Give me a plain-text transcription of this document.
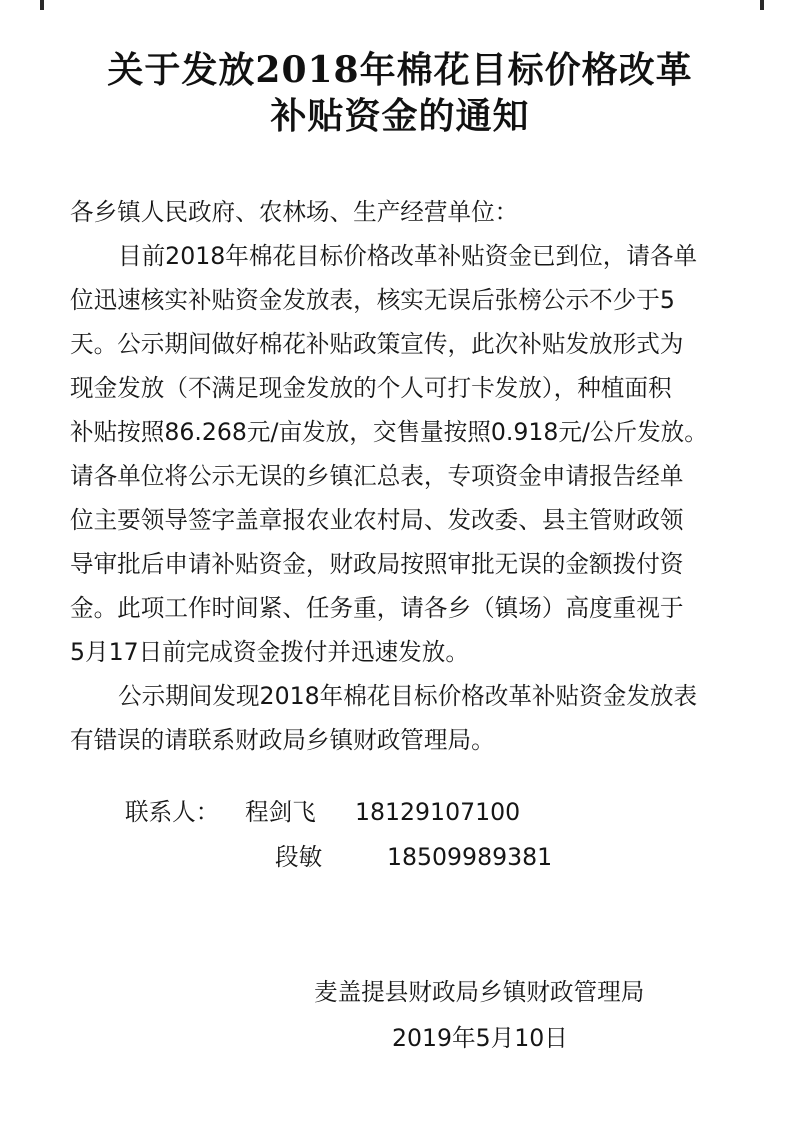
关于发放2018年棉花目标价格改革
补贴资金的通知
各乡镇人民政府、农林场、生产经营单位：
目前2018年棉花目标价格改革补贴资金已到位，请各单
位迅速核实补贴资金发放表，核实无误后张榜公示不少于5
天。公示期间做好棉花补贴政策宣传，此次补贴发放形式为
现金发放（不满足现金发放的个人可打卡发放），种植面积
补贴按照86.268元/亩发放，交售量按照0.918元/公斤发放。
请各单位将公示无误的乡镇汇总表，专项资金申请报告经单
位主要领导签字盖章报农业农村局、发改委、县主管财政领
导审批后申请补贴资金，财政局按照审批无误的金额拨付资
金。此项工作时间紧、任务重，请各乡（镇场）高度重视于
5月17日前完成资金拨付并迅速发放。
公示期间发现2018年棉花目标价格改革补贴资金发放表
有错误的请联系财政局乡镇财政管理局。
联系人： 程剑飞 18129107100
段敏	18509989381
麦盖提县财政局乡镇财政管理局
2019年5月10日
